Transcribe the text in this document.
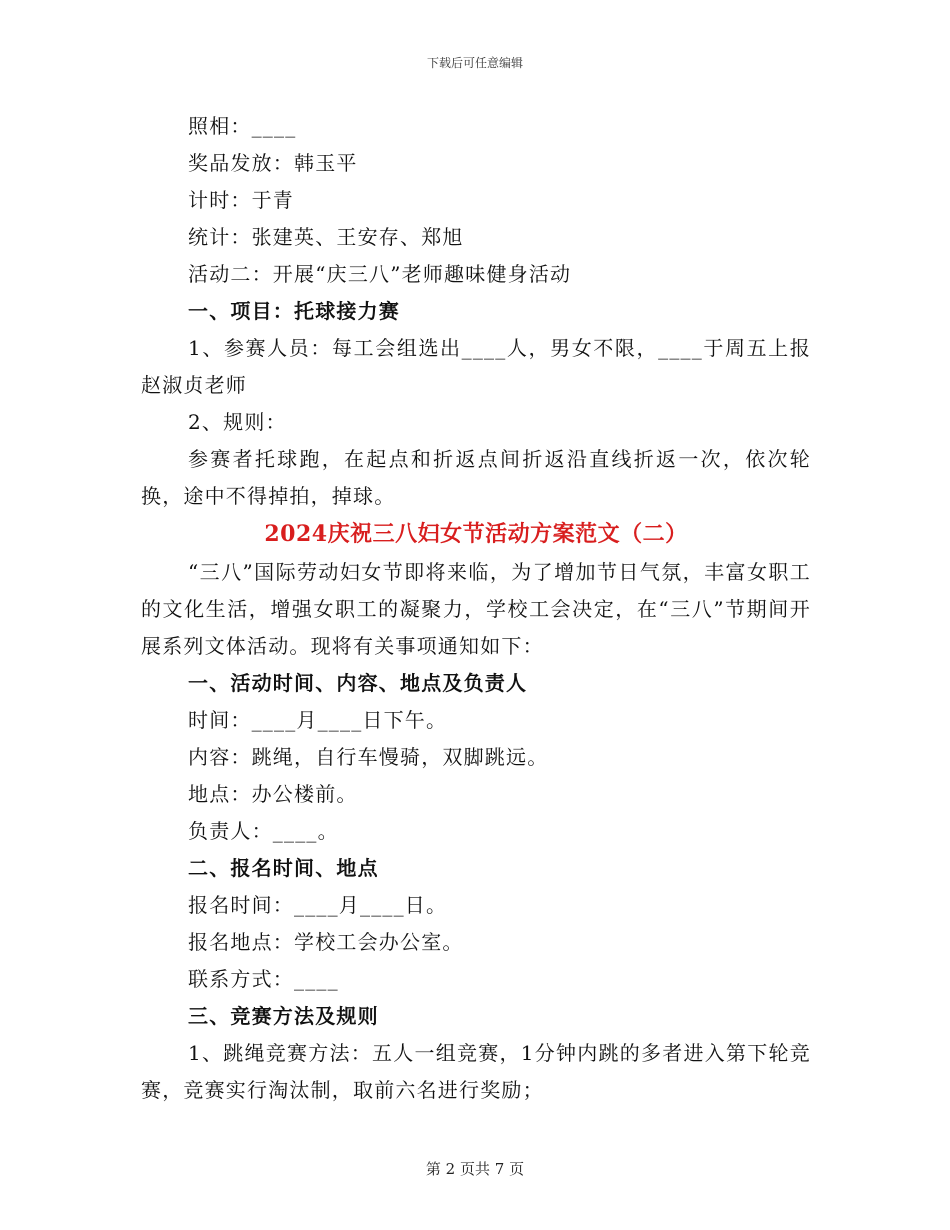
下载后可任意编辑

照相：____

奖品发放：韩玉平

计时：于青

统计：张建英、王安存、郑旭

活动二：开展“庆三八”老师趣味健身活动

一、项目：托球接力赛

1、参赛人员：每工会组选出____人，男女不限，____于周五上报赵淑贞老师

2、规则：

参赛者托球跑，在起点和折返点间折返沿直线折返一次，依次轮换，途中不得掉拍，掉球。

2024庆祝三八妇女节活动方案范文（二）

“三八”国际劳动妇女节即将来临，为了增加节日气氛，丰富女职工的文化生活，增强女职工的凝聚力，学校工会决定，在“三八”节期间开展系列文体活动。现将有关事项通知如下：

一、活动时间、内容、地点及负责人

时间：____月____日下午。

内容：跳绳，自行车慢骑，双脚跳远。

地点：办公楼前。

负责人：____。

二、报名时间、地点

报名时间：____月____日。

报名地点：学校工会办公室。

联系方式：____

三、竞赛方法及规则

1、跳绳竞赛方法：五人一组竞赛，1分钟内跳的多者进入第下轮竞赛，竞赛实行淘汰制，取前六名进行奖励；

第 2 页共 7 页
